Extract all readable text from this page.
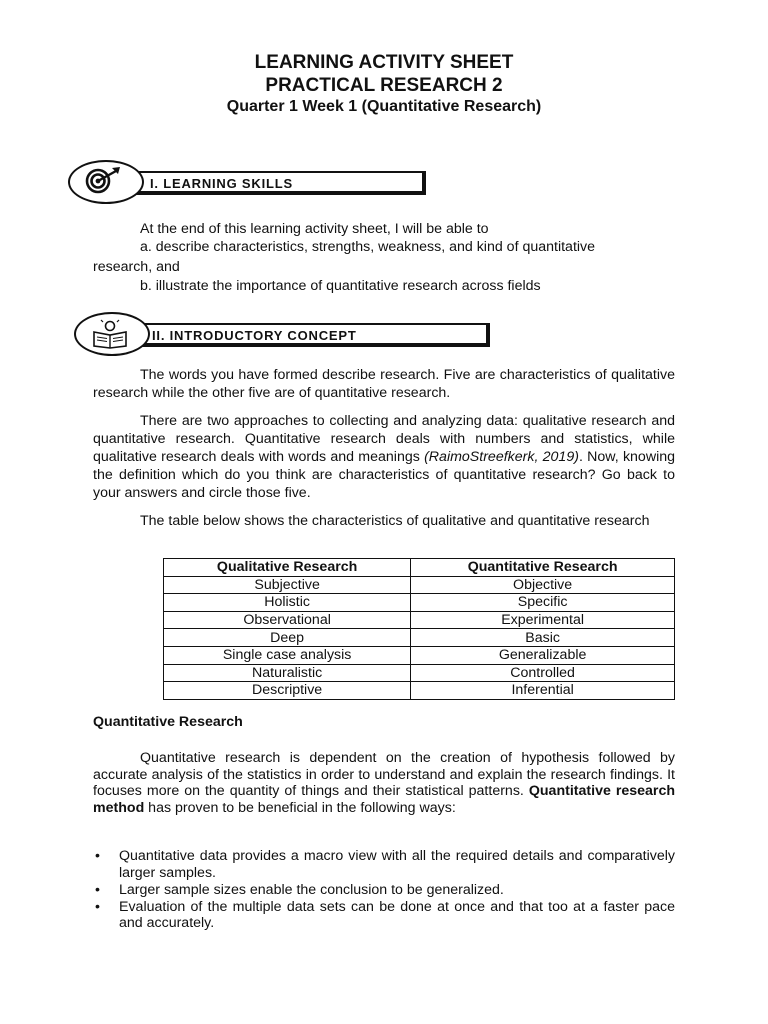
LEARNING ACTIVITY SHEET
PRACTICAL RESEARCH 2
Quarter 1 Week 1 (Quantitative Research)
I. LEARNING SKILLS

At the end of this learning activity sheet, I will be able to

a. describe characteristics, strengths, weakness, and kind of quantitative

research, and

b. illustrate the importance of quantitative research across fields

II. INTRODUCTORY CONCEPT

The words you have formed describe research. Five are characteristics of qualitative research while the other five are of quantitative research.

There are two approaches to collecting and analyzing data: qualitative research and quantitative research. Quantitative research deals with numbers and statistics, while qualitative research deals with words and meanings (RaimoStreefkerk, 2019). Now, knowing the definition which do you think are characteristics of quantitative research? Go back to your answers and circle those five.

The table below shows the characteristics of qualitative and quantitative research

Qualitative Research	Quantitative Research
Subjective	Objective
Holistic	Specific
Observational	Experimental
Deep	Basic
Single case analysis	Generalizable
Naturalistic	Controlled
Descriptive	Inferential
Quantitative Research

Quantitative research is dependent on the creation of hypothesis followed by accurate analysis of the statistics in order to understand and explain the research findings. It focuses more on the quantity of things and their statistical patterns. Quantitative research method has proven to be beneficial in the following ways:

• Quantitative data provides a macro view with all the required details and comparatively larger samples.
• Larger sample sizes enable the conclusion to be generalized.
• Evaluation of the multiple data sets can be done at once and that too at a faster pace and accurately.
